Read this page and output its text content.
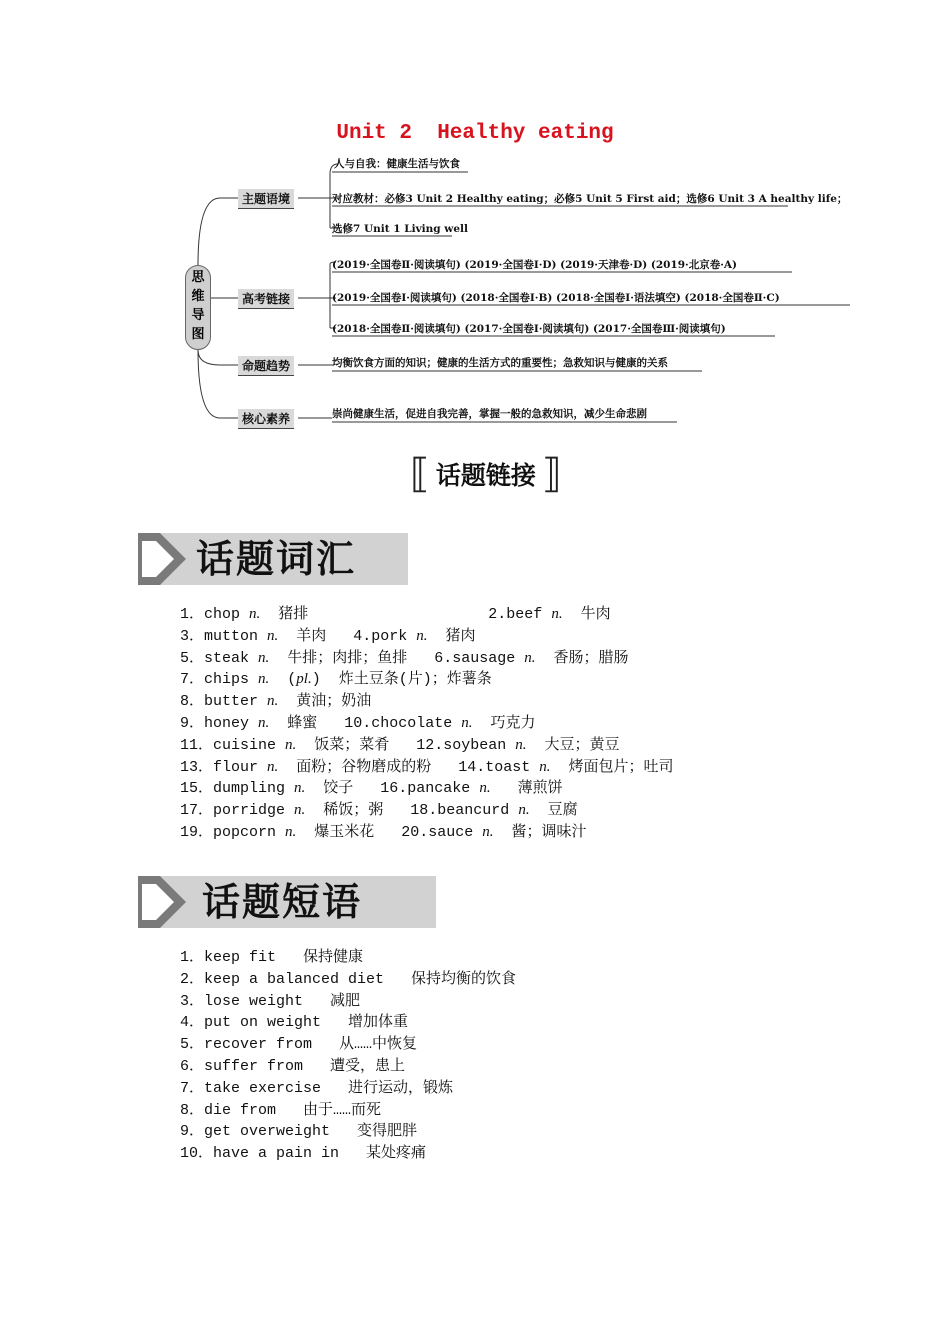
Unit 2  Healthy eating
思维导图
主题语境
人与自我：健康生活与饮食
对应教材：必修3 Unit 2 Healthy eating；必修5 Unit 5 First aid；选修6 Unit 3 A healthy life；
选修7 Unit 1 Living well
高考链接
(2019·全国卷Ⅱ·阅读填句) (2019·全国卷Ⅰ·D) (2019·天津卷·D) (2019·北京卷·A)
(2019·全国卷Ⅰ·阅读填句) (2018·全国卷Ⅰ·B) (2018·全国卷Ⅰ·语法填空) (2018·全国卷Ⅱ·C)
(2018·全国卷Ⅱ·阅读填句) (2017·全国卷Ⅰ·阅读填句) (2017·全国卷Ⅲ·阅读填句)
命题趋势	均衡饮食方面的知识；健康的生活方式的重要性；急救知识与健康的关系
核心素养	崇尚健康生活，促进自我完善，掌握一般的急救知识，减少生命悲剧
⟦ 话题链接 ⟧
话题词汇
1．chop n.  猪排                    2.beef n.  牛肉
3．mutton n.  羊肉   4.pork n.  猪肉
5．steak n.  牛排；肉排；鱼排   6.sausage n.  香肠；腊肠
7．chips n.  (pl.)  炸土豆条(片)；炸薯条
8．butter n.  黄油；奶油
9．honey n.  蜂蜜   10.chocolate n.  巧克力
11．cuisine n.  饭菜；菜肴   12.soybean n.  大豆；黄豆
13．flour n.  面粉；谷物磨成的粉   14.toast n.  烤面包片；吐司
15．dumpling n.  饺子   16.pancake n.   薄煎饼
17．porridge n.  稀饭；粥   18.beancurd n.  豆腐
19．popcorn n.  爆玉米花   20.sauce n.  酱；调味汁
话题短语
1．keep fit   保持健康
2．keep a balanced diet   保持均衡的饮食
3．lose weight   减肥
4．put on weight   增加体重
5．recover from   从……中恢复
6．suffer from   遭受，患上
7．take exercise   进行运动，锻炼
8．die from   由于……而死
9．get overweight   变得肥胖
10．have a pain in   某处疼痛
